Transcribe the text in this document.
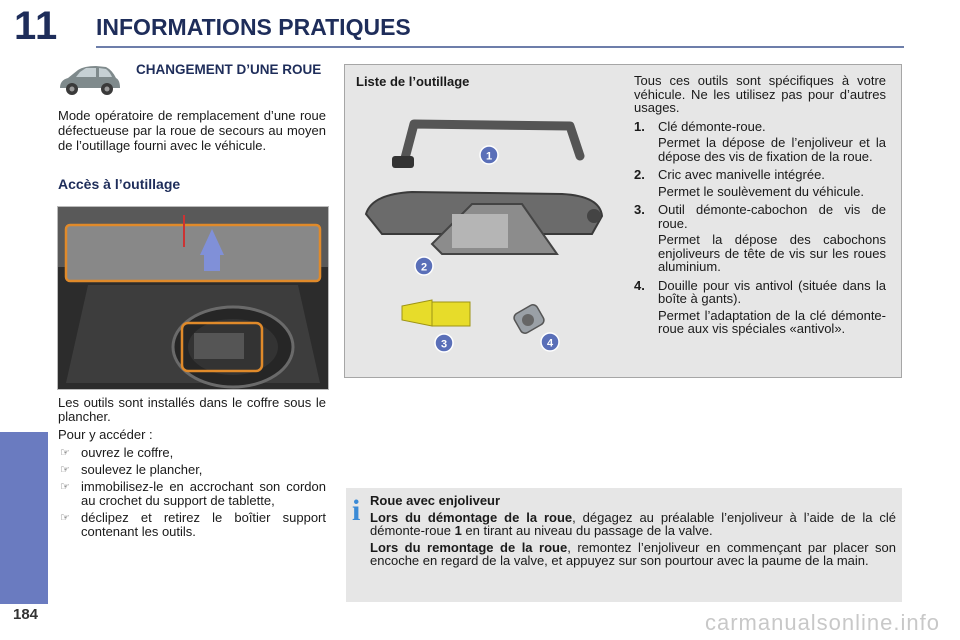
11 INFORMATIONS PRATIQUES
184	carmanualsonline.info
CHANGEMENT D’UNE ROUE
Mode opératoire de remplacement d’une roue défectueuse par la roue de secours au moyen de l’outillage fourni avec le véhicule.
Accès à l’outillage

Les outils sont installés dans le coffre sous le plancher.

Pour y accéder :

☞ ouvrez le coffre,
☞ soulevez le plancher,
☞ immobilisez-le en accrochant son cordon au crochet du support de tablette,
☞ déclipez et retirez le boîtier support contenant les outils.
Liste de l’outillage
1
2
3	4

Tous ces outils sont spécifiques à votre véhicule. Ne les utilisez pas pour d’autres usages.

1. Clé démonte-roue.
Permet la dépose de l’enjoliveur et la dépose des vis de fixation de la roue.
2. Cric avec manivelle intégrée.
Permet le soulèvement du véhicule.
3. Outil démonte-cabochon de vis de roue.
Permet la dépose des cabochons enjoliveurs de tête de vis sur les roues aluminium.
4. Douille pour vis antivol (située dans la boîte à gants).
Permet l’adaptation de la clé démonte-roue aux vis spéciales «antivol».
i Roue avec enjoliveur

Lors du démontage de la roue, dégagez au préalable l’enjoliveur à l’aide de la clé démonte-roue 1 en tirant au niveau du passage de la valve.

Lors du remontage de la roue, remontez l’enjoliveur en commençant par placer son encoche en regard de la valve, et appuyez sur son pourtour avec la paume de la main.
